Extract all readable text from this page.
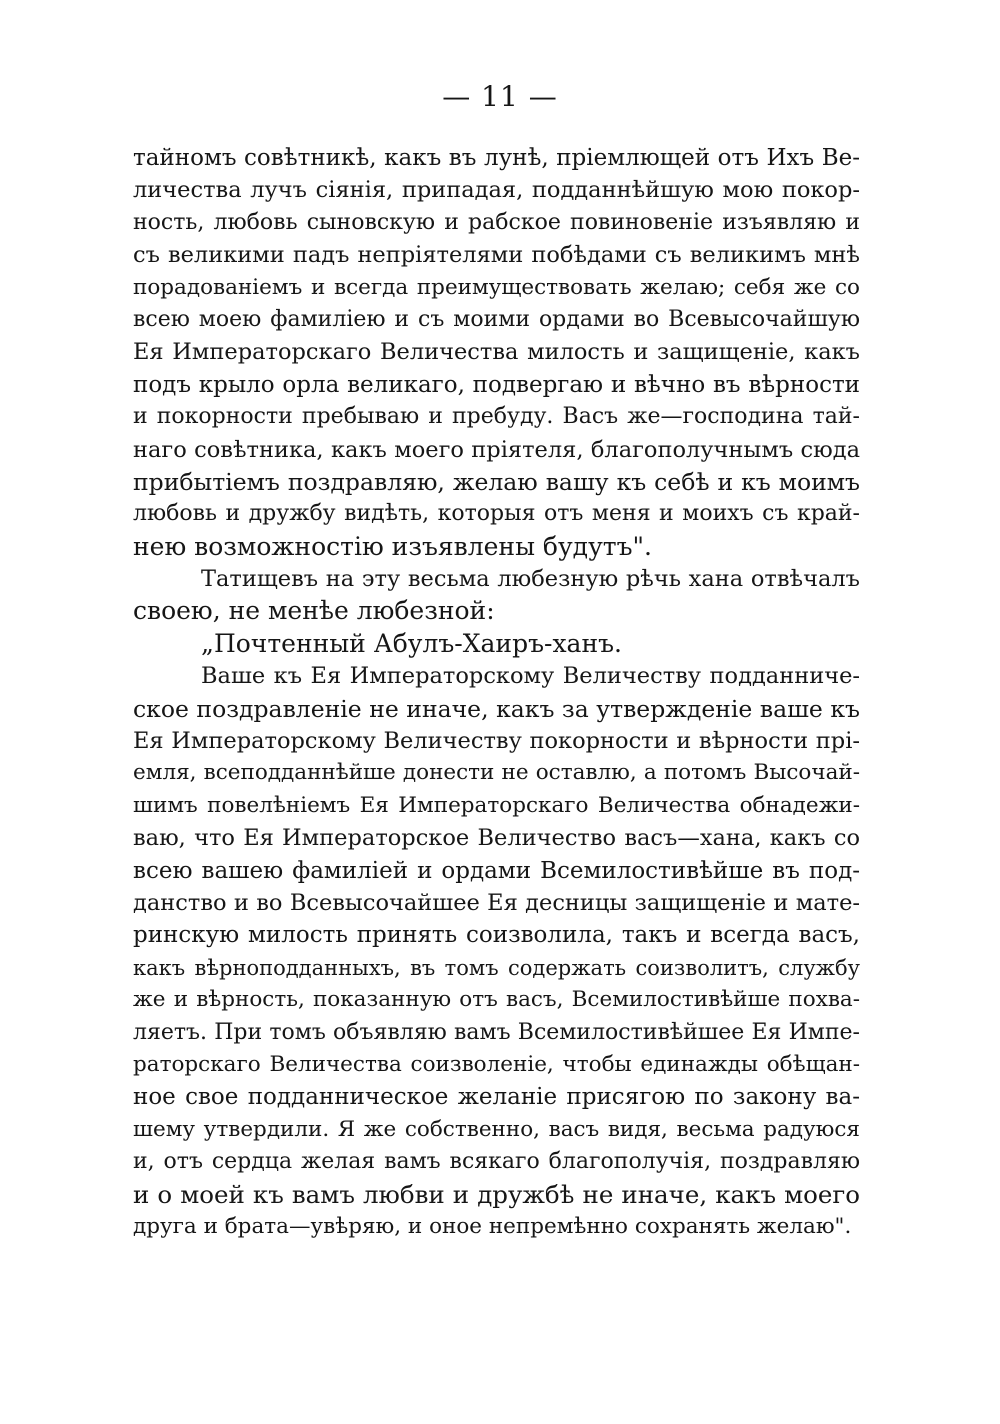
— 11 —
тайномъ совѣтникѣ, какъ въ лунѣ, пріемлющей отъ Ихъ Ве-
личества лучъ сіянія, припадая, подданнѣйшую мою покор-
ность, любовь сыновскую и рабское повиновеніе изъявляю и
съ великими падъ непріятелями побѣдами съ великимъ мнѣ
порадованіемъ и всегда преимуществовать желаю; себя же со
всею моею фамиліею и съ моими ордами во Всевысочайшую
Ея Императорскаго Величества милость и защищеніе, какъ
подъ крыло орла великаго, подвергаю и вѣчно въ вѣрности
и покорности пребываю и пребуду. Васъ же—господина тай-
наго совѣтника, какъ моего прiятеля, благополучнымъ сюда
прибытіемъ поздравляю, желаю вашу къ себѣ и къ моимъ
любовь и дружбу видѣть, которыя отъ меня и моихъ съ край-
нею возможностію изъявлены будутъ".
Татищевъ на эту весьма любезную рѣчь хана отвѣчалъ
своею, не менѣе любезной:
„Почтенный Абулъ-Хаиръ-ханъ.
Ваше къ Ея Императорскому Величеству подданниче-
ское поздравленіе не иначе, какъ за утвержденіе ваше къ
Ея Императорскому Величеству покорности и вѣрности прі-
емля, всеподданнѣйше донести не оставлю, а потомъ Высочай-
шимъ повелѣніемъ Ея Императорскаго Величества обнадежи-
ваю, что Ея Императорское Величество васъ—хана, какъ со
всею вашею фамиліей и ордами Всемилостивѣйше въ под-
данство и во Всевысочайшее Ея десницы защищеніе и мате-
ринскую милость принять соизволила, такъ и всегда васъ,
какъ вѣрноподданныхъ, въ томъ содержать соизволитъ, службу
же и вѣрность, показанную отъ васъ, Всемилостивѣйше похва-
ляетъ. При томъ объявляю вамъ Всемилостивѣйшее Ея Импе-
раторскаго Величества соизволеніе, чтобы единажды обѣщан-
ное свое подданническое желаніе присягою по закону ва-
шему утвердили. Я же собственно, васъ видя, весьма радуюся
и, отъ сердца желая вамъ всякаго благополучія, поздравляю
и о моей къ вамъ любви и дружбѣ не иначе, какъ моего
друга и брата—увѣряю, и оное непремѣнно сохранять желаю".
